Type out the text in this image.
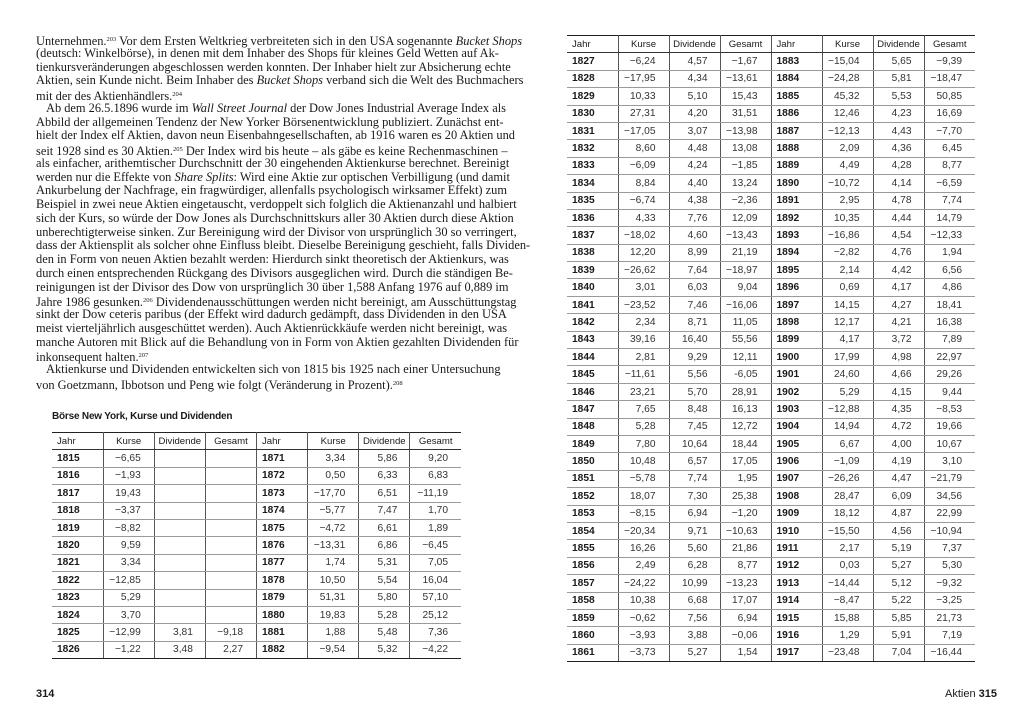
Unternehmen.$^{203}$ Vor dem Ersten Weltkrieg verbreiteten sich in den USA sogenannte Bucket Shops
(deutsch: Winkelbörse), in denen mit dem Inhaber des Shops für kleines Geld Wetten auf Ak-
tienkursveränderungen abgeschlossen werden konnten. Der Inhaber hielt zur Absicherung echte
Aktien, sein Kunde nicht. Beim Inhaber des Bucket Shops verband sich die Welt des Buchmachers
mit der des Aktienhändlers.$^{204}$
Ab dem 26.5.1896 wurde im Wall Street Journal der Dow Jones Industrial Average Index als
Abbild der allgemeinen Tendenz der New Yorker Börsenentwicklung publiziert. Zunächst ent-
hielt der Index elf Aktien, davon neun Eisenbahngesellschaften, ab 1916 waren es 20 Aktien und
seit 1928 sind es 30 Aktien.$^{205}$ Der Index wird bis heute – als gäbe es keine Rechenmaschinen –
als einfacher, arithemtischer Durchschnitt der 30 eingehenden Aktienkurse berechnet. Bereinigt
werden nur die Effekte von Share Splits: Wird eine Aktie zur optischen Verbilligung (und damit
Ankurbelung der Nachfrage, ein fragwürdiger, allenfalls psychologisch wirksamer Effekt) zum
Beispiel in zwei neue Aktien eingetauscht, verdoppelt sich folglich die Aktienanzahl und halbiert
sich der Kurs, so würde der Dow Jones als Durchschnittskurs aller 30 Aktien durch diese Aktion
unberechtigterweise sinken. Zur Bereinigung wird der Divisor von ursprünglich 30 so verringert,
dass der Aktiensplit als solcher ohne Einfluss bleibt. Dieselbe Bereinigung geschieht, falls Dividen-
den in Form von neuen Aktien bezahlt werden: Hierdurch sinkt theoretisch der Aktienkurs, was
durch einen entsprechenden Rückgang des Divisors ausgeglichen wird. Durch die ständigen Be-
reinigungen ist der Divisor des Dow von ursprünglich 30 über 1,588 Anfang 1976 auf 0,889 im
Jahre 1986 gesunken.$^{206}$ Dividendenausschüttungen werden nicht bereinigt, am Ausschüttungstag
sinkt der Dow ceteris paribus (der Effekt wird dadurch gedämpft, dass Dividenden in den USA
meist vierteljährlich ausgeschüttet werden). Auch Aktienrückkäufe werden nicht bereinigt, was
manche Autoren mit Blick auf die Behandlung von in Form von Aktien gezahlten Dividenden für
inkonsequent halten.$^{207}$
Aktienkurse und Dividenden entwickelten sich von 1815 bis 1925 nach einer Untersuchung
von Goetzmann, Ibbotson und Peng wie folgt (Veränderung in Prozent).$^{208}$
Börse New York, Kurse und Dividenden
Jahr	Kurse	Dividende	Gesamt	Jahr	Kurse	Dividende	Gesamt
1815	−6,65			1871	3,34	5,86	9,20
1816	−1,93			1872	0,50	6,33	6,83
1817	19,43			1873	−17,70	6,51	−11,19
1818	−3,37			1874	−5,77	7,47	1,70
1819	−8,82			1875	−4,72	6,61	1,89
1820	9,59			1876	−13,31	6,86	−6,45
1821	3,34			1877	1,74	5,31	7,05
1822	−12,85			1878	10,50	5,54	16,04
1823	5,29			1879	51,31	5,80	57,10
1824	3,70			1880	19,83	5,28	25,12
1825	−12,99	3,81	−9,18	1881	1,88	5,48	7,36
1826	−1,22	3,48	2,27	1882	−9,54	5,32	−4,22
314
Jahr	Kurse	Dividende	Gesamt	Jahr	Kurse	Dividende	Gesamt
1827	−6,24	4,57	−1,67	1883	−15,04	5,65	−9,39
1828	−17,95	4,34	−13,61	1884	−24,28	5,81	−18,47
1829	10,33	5,10	15,43	1885	45,32	5,53	50,85
1830	27,31	4,20	31,51	1886	12,46	4,23	16,69
1831	−17,05	3,07	−13,98	1887	−12,13	4,43	−7,70
1832	8,60	4,48	13,08	1888	2,09	4,36	6,45
1833	−6,09	4,24	−1,85	1889	4,49	4,28	8,77
1834	8,84	4,40	13,24	1890	−10,72	4,14	−6,59
1835	−6,74	4,38	−2,36	1891	2,95	4,78	7,74
1836	4,33	7,76	12,09	1892	10,35	4,44	14,79
1837	−18,02	4,60	−13,43	1893	−16,86	4,54	−12,33
1838	12,20	8,99	21,19	1894	−2,82	4,76	1,94
1839	−26,62	7,64	−18,97	1895	2,14	4,42	6,56
1840	3,01	6,03	9,04	1896	0,69	4,17	4,86
1841	−23,52	7,46	−16,06	1897	14,15	4,27	18,41
1842	2,34	8,71	11,05	1898	12,17	4,21	16,38
1843	39,16	16,40	55,56	1899	4,17	3,72	7,89
1844	2,81	9,29	12,11	1900	17,99	4,98	22,97
1845	−11,61	5,56	-6,05	1901	24,60	4,66	29,26
1846	23,21	5,70	28,91	1902	5,29	4,15	9,44
1847	7,65	8,48	16,13	1903	−12,88	4,35	−8,53
1848	5,28	7,45	12,72	1904	14,94	4,72	19,66
1849	7,80	10,64	18,44	1905	6,67	4,00	10,67
1850	10,48	6,57	17,05	1906	−1,09	4,19	3,10
1851	−5,78	7,74	1,95	1907	−26,26	4,47	−21,79
1852	18,07	7,30	25,38	1908	28,47	6,09	34,56
1853	−8,15	6,94	−1,20	1909	18,12	4,87	22,99
1854	−20,34	9,71	−10,63	1910	−15,50	4,56	−10,94
1855	16,26	5,60	21,86	1911	2,17	5,19	7,37
1856	2,49	6,28	8,77	1912	0,03	5,27	5,30
1857	−24,22	10,99	−13,23	1913	−14,44	5,12	−9,32
1858	10,38	6,68	17,07	1914	−8,47	5,22	−3,25
1859	−0,62	7,56	6,94	1915	15,88	5,85	21,73
1860	−3,93	3,88	−0,06	1916	1,29	5,91	7,19
1861	−3,73	5,27	1,54	1917	−23,48	7,04	−16,44
Aktien 315
